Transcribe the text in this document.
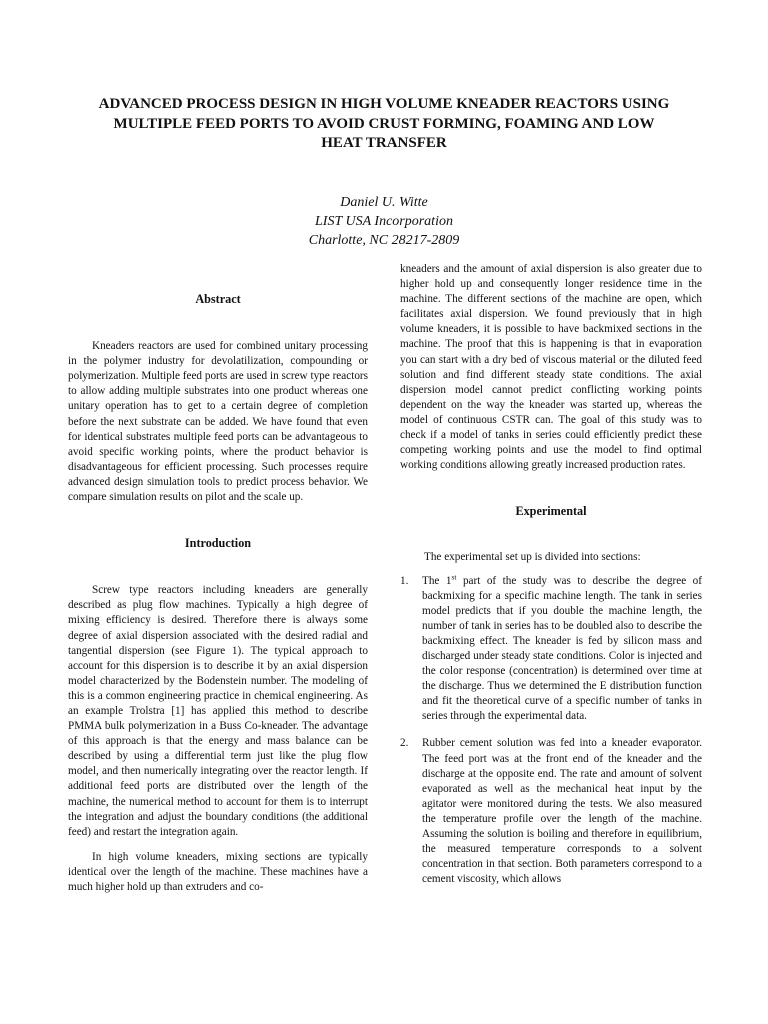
ADVANCED PROCESS DESIGN IN HIGH VOLUME KNEADER REACTORS USING
MULTIPLE FEED PORTS TO AVOID CRUST FORMING, FOAMING AND LOW
HEAT TRANSFER
Daniel U. Witte
LIST USA Incorporation
Charlotte, NC 28217-2809
Abstract

Kneaders reactors are used for combined unitary processing in the polymer industry for devolatilization, compounding or polymerization. Multiple feed ports are used in screw type reactors to allow adding multiple substrates into one product whereas one unitary operation has to get to a certain degree of completion before the next substrate can be added. We have found that even for identical substrates multiple feed ports can be advantageous to avoid specific working points, where the product behavior is disadvantageous for efficient processing. Such processes require advanced design simulation tools to predict process behavior. We compare simulation results on pilot and the scale up.

Introduction

Screw type reactors including kneaders are generally described as plug flow machines. Typically a high degree of mixing efficiency is desired. Therefore there is always some degree of axial dispersion associated with the desired radial and tangential dispersion (see Figure 1). The typical approach to account for this dispersion is to describe it by an axial dispersion model characterized by the Bodenstein number. The modeling of this is a common engineering practice in chemical engineering. As an example Trolstra [1] has applied this method to describe PMMA bulk polymerization in a Buss Co-kneader. The advantage of this approach is that the energy and mass balance can be described by using a differential term just like the plug flow model, and then numerically integrating over the reactor length. If additional feed ports are distributed over the length of the machine, the numerical method to account for them is to interrupt the integration and adjust the boundary conditions (the additional feed) and restart the integration again.

In high volume kneaders, mixing sections are typically identical over the length of the machine. These machines have a much higher hold up than extruders and co-

kneaders and the amount of axial dispersion is also greater due to higher hold up and consequently longer residence time in the machine. The different sections of the machine are open, which facilitates axial dispersion. We found previously that in high volume kneaders, it is possible to have backmixed sections in the machine. The proof that this is happening is that in evaporation you can start with a dry bed of viscous material or the diluted feed solution and find different steady state conditions. The axial dispersion model cannot predict conflicting working points dependent on the way the kneader was started up, whereas the model of continuous CSTR can. The goal of this study was to check if a model of tanks in series could efficiently predict these competing working points and use the model to find optimal working conditions allowing greatly increased production rates.

Experimental

The experimental set up is divided into sections:

1. The 1st part of the study was to describe the degree of backmixing for a specific machine length. The tank in series model predicts that if you double the machine length, the number of tank in series has to be doubled also to describe the backmixing effect. The kneader is fed by silicon mass and discharged under steady state conditions. Color is injected and the color response (concentration) is determined over time at the discharge. Thus we determined the E distribution function and fit the theoretical curve of a specific number of tanks in series through the experimental data.
2. Rubber cement solution was fed into a kneader evaporator. The feed port was at the front end of the kneader and the discharge at the opposite end. The rate and amount of solvent evaporated as well as the mechanical heat input by the agitator were monitored during the tests. We also measured the temperature profile over the length of the machine. Assuming the solution is boiling and therefore in equilibrium, the measured temperature corresponds to a solvent concentration in that section. Both parameters correspond to a cement viscosity, which allows
